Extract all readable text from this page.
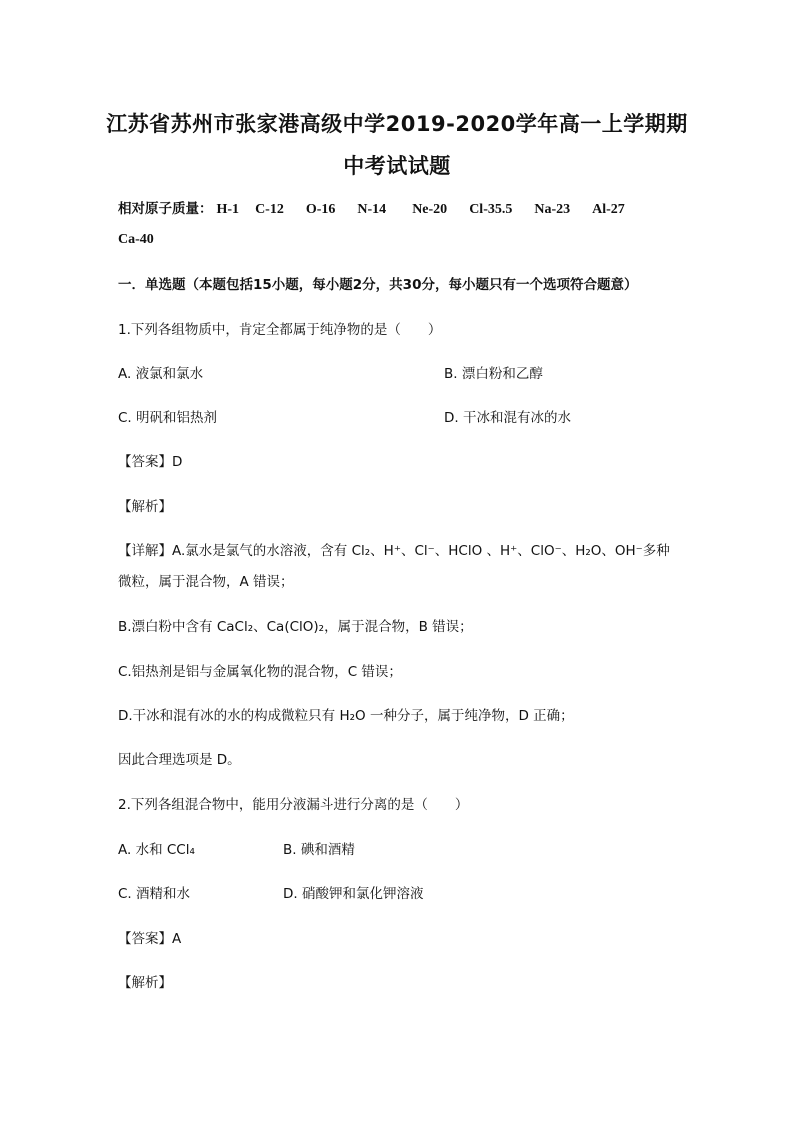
江苏省苏州市张家港高级中学2019-2020学年高一上学期期
中考试试题
相对原子质量： H-1 C-12 O-16 N-14 Ne-20 Cl-35.5 Na-23 Al-27
Ca-40
一．单选题（本题包括15小题，每小题2分，共30分，每小题只有一个选项符合题意）
1.下列各组物质中，肯定全都属于纯净物的是（　　）
A. 液氯和氯水	B. 漂白粉和乙醇
C. 明矾和铝热剂	D. 干冰和混有冰的水
【答案】D
【解析】
【详解】A.氯水是氯气的水溶液，含有 Cl₂、H⁺、Cl⁻、HClO 、H⁺、ClO⁻、H₂O、OH⁻多种
微粒，属于混合物，A 错误；
B.漂白粉中含有 CaCl₂、Ca(ClO)₂，属于混合物，B 错误；
C.铝热剂是铝与金属氧化物的混合物，C 错误；
D.干冰和混有冰的水的构成微粒只有 H₂O 一种分子，属于纯净物，D 正确；
因此合理选项是 D。
2.下列各组混合物中，能用分液漏斗进行分离的是（　　）
A. 水和 CCl₄	B. 碘和酒精
C. 酒精和水	D. 硝酸钾和氯化钾溶液
【答案】A
【解析】
